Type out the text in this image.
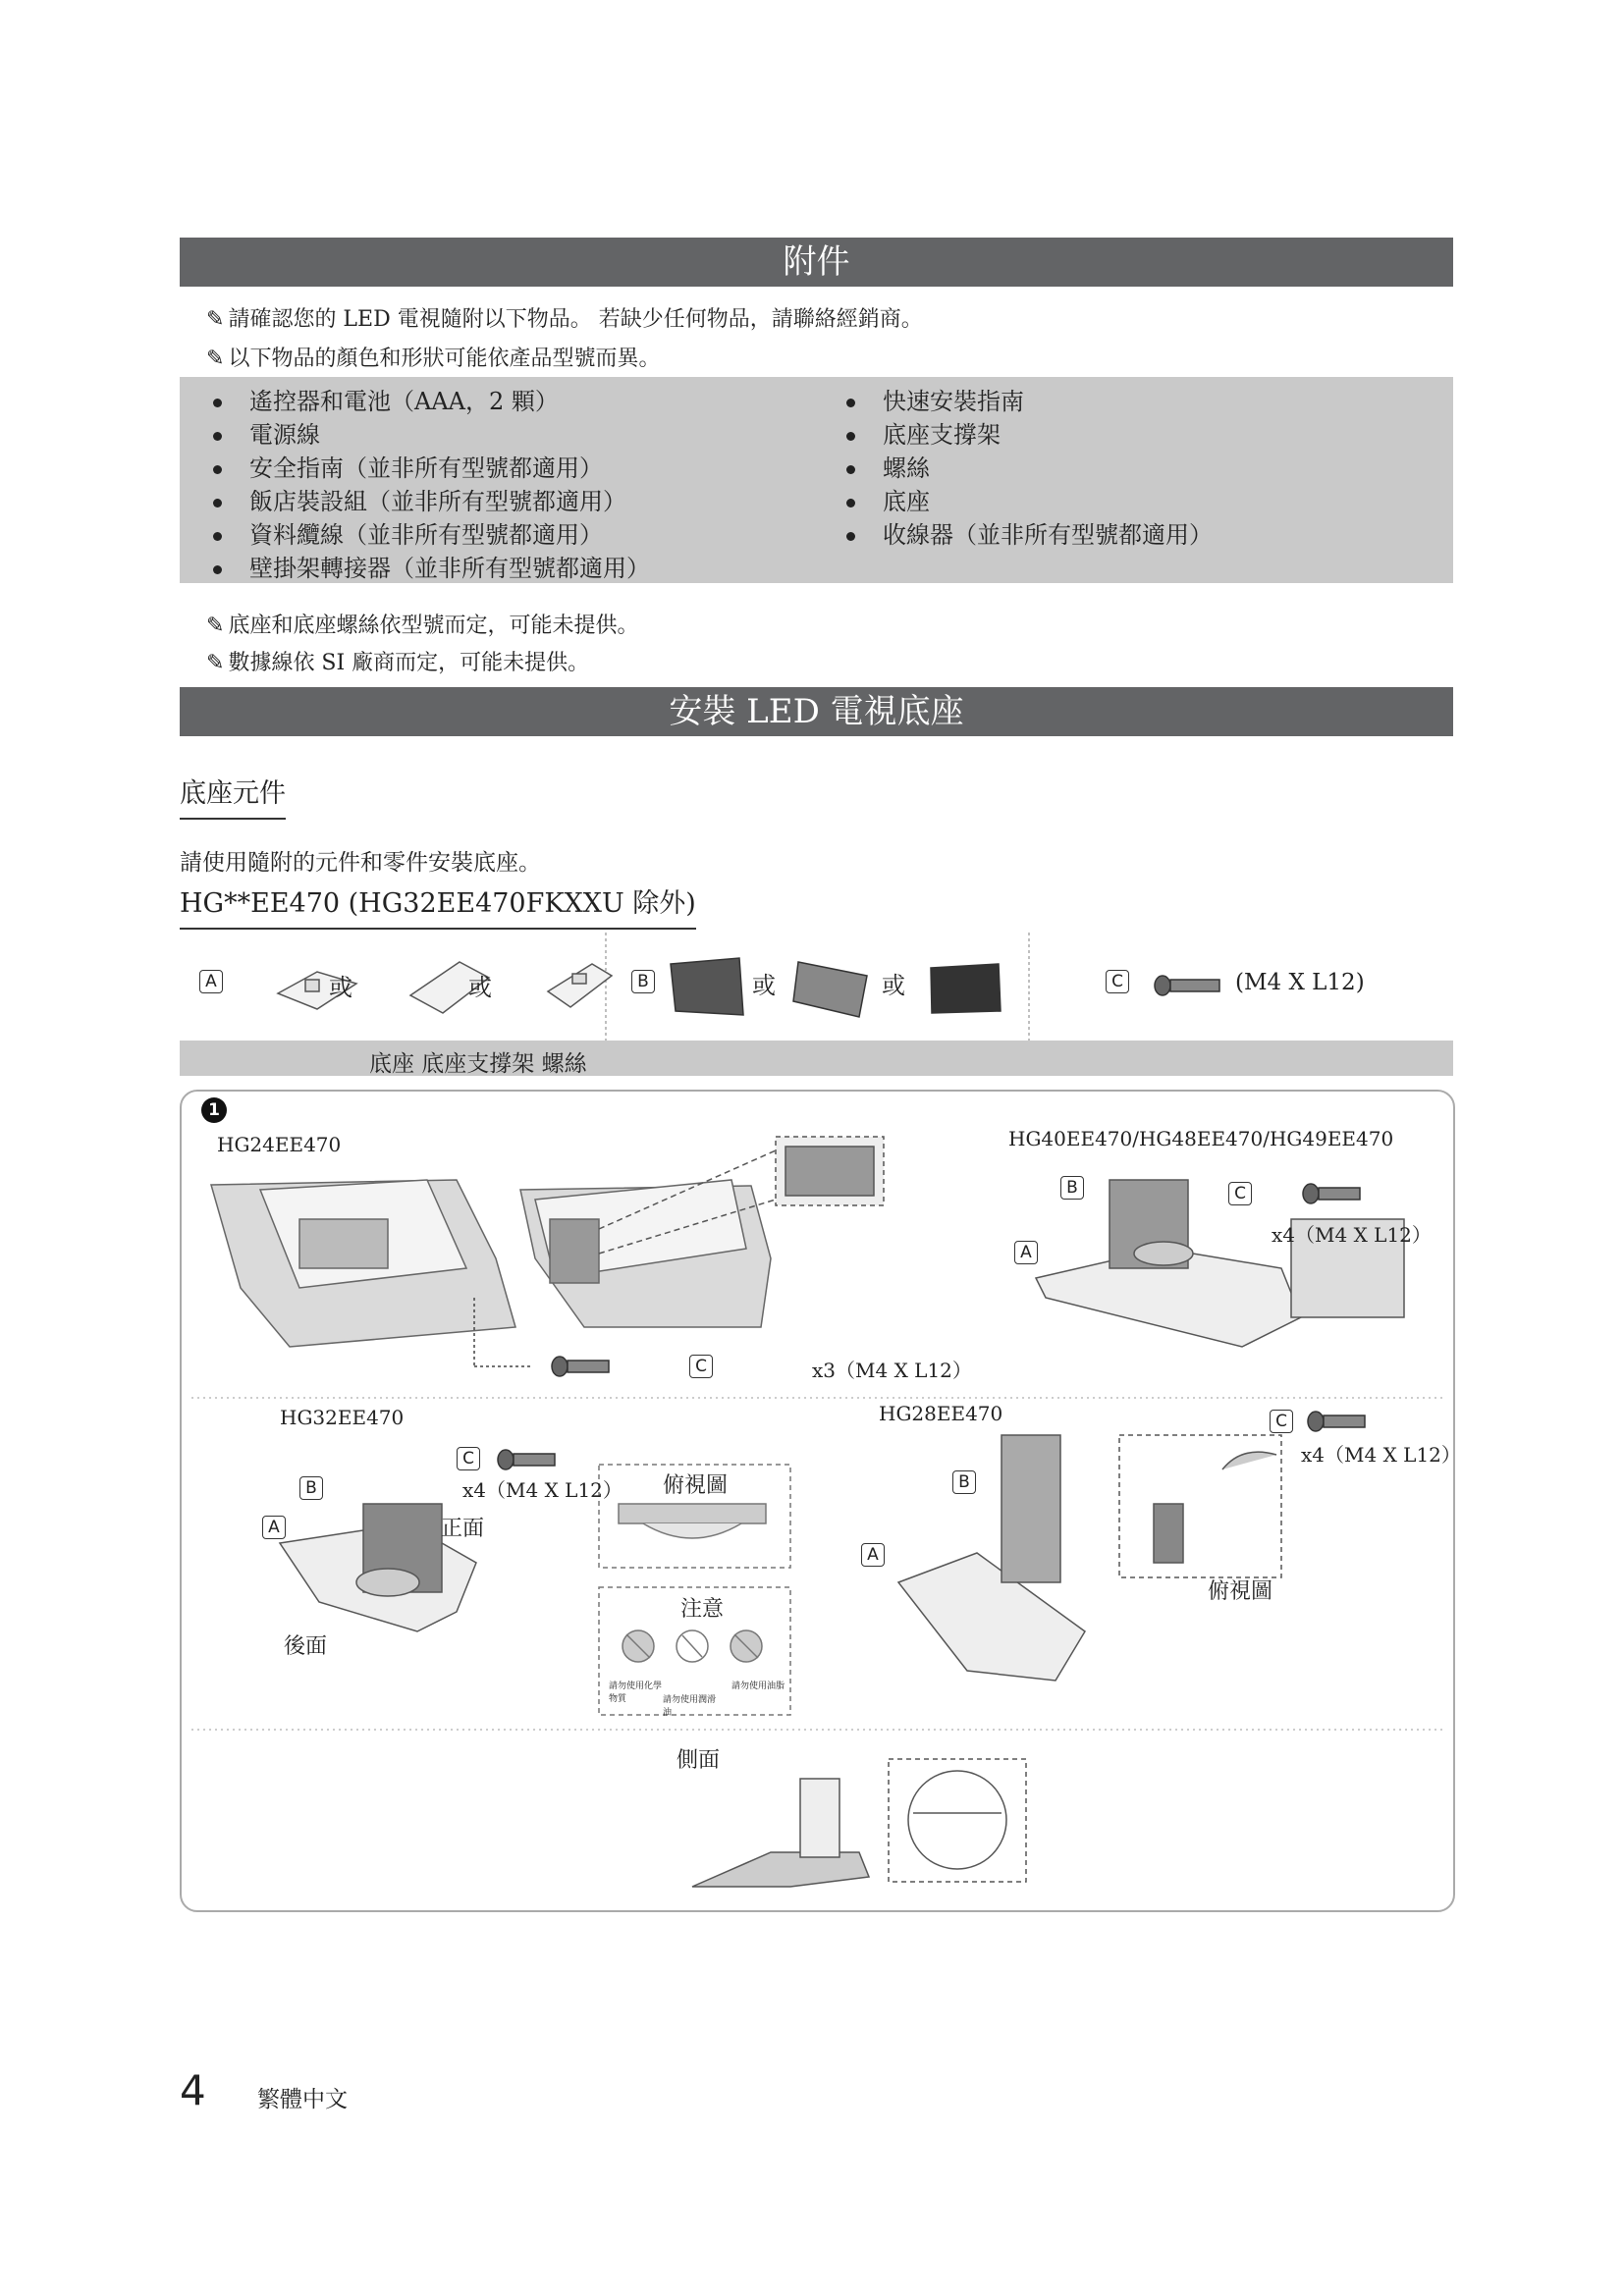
附件
✎ 請確認您的 LED 電視隨附以下物品。 若缺少任何物品，請聯絡經銷商。
✎ 以下物品的顏色和形狀可能依產品型號而異。
遙控器和電池（AAA，2 顆）
電源線
安全指南（並非所有型號都適用）
飯店裝設組（並非所有型號都適用）
資料纜線（並非所有型號都適用）
壁掛架轉接器（並非所有型號都適用）
快速安裝指南
底座支撐架
螺絲
底座
收線器（並非所有型號都適用）
✎ 底座和底座螺絲依型號而定，可能未提供。
✎ 數據線依 SI 廠商而定，可能未提供。
安裝 LED 電視底座
底座元件
請使用隨附的元件和零件安裝底座。
HG**EE470 (HG32EE470FKXXU 除外)
A	或	或	B	或	或	C	(M4 X L12)
底座 底座支撐架 螺絲
1
HG24EE470	HG40EE470/HG48EE470/HG49EE470
HG32EE470	HG28EE470
C	x3（M4 X L12）
B	C
A
x4（M4 X L12）
C
B
A
x4（M4 X L12）
正面
後面
俯視圖
注意
請勿使用化學物質	請勿使用潤滑油
請勿使用油脂
B
A
C
x4（M4 X L12）
俯視圖
側面
4 繁體中文
